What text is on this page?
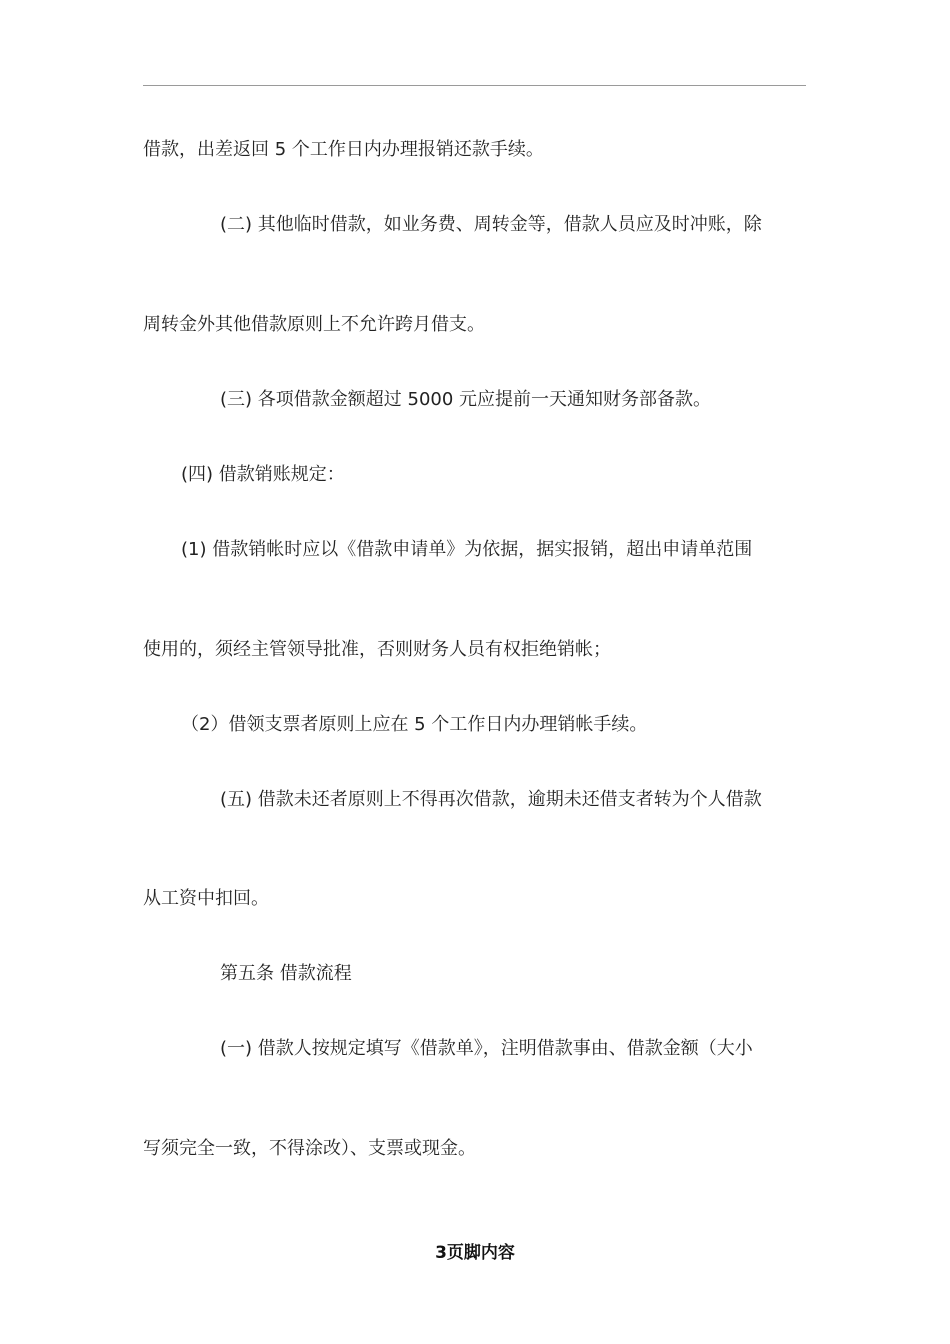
借款，出差返回 5 个工作日内办理报销还款手续。
(二) 其他临时借款，如业务费、周转金等，借款人员应及时冲账，除
周转金外其他借款原则上不允许跨月借支。
(三) 各项借款金额超过 5000 元应提前一天通知财务部备款。
(四) 借款销账规定：
(1) 借款销帐时应以《借款申请单》为依据，据实报销，超出申请单范围
使用的，须经主管领导批准，否则财务人员有权拒绝销帐；
（2）借领支票者原则上应在 5 个工作日内办理销帐手续。
(五) 借款未还者原则上不得再次借款，逾期未还借支者转为个人借款
从工资中扣回。
第五条 借款流程
(一) 借款人按规定填写《借款单》，注明借款事由、借款金额（大小
写须完全一致，不得涂改）、支票或现金。
3页脚内容
